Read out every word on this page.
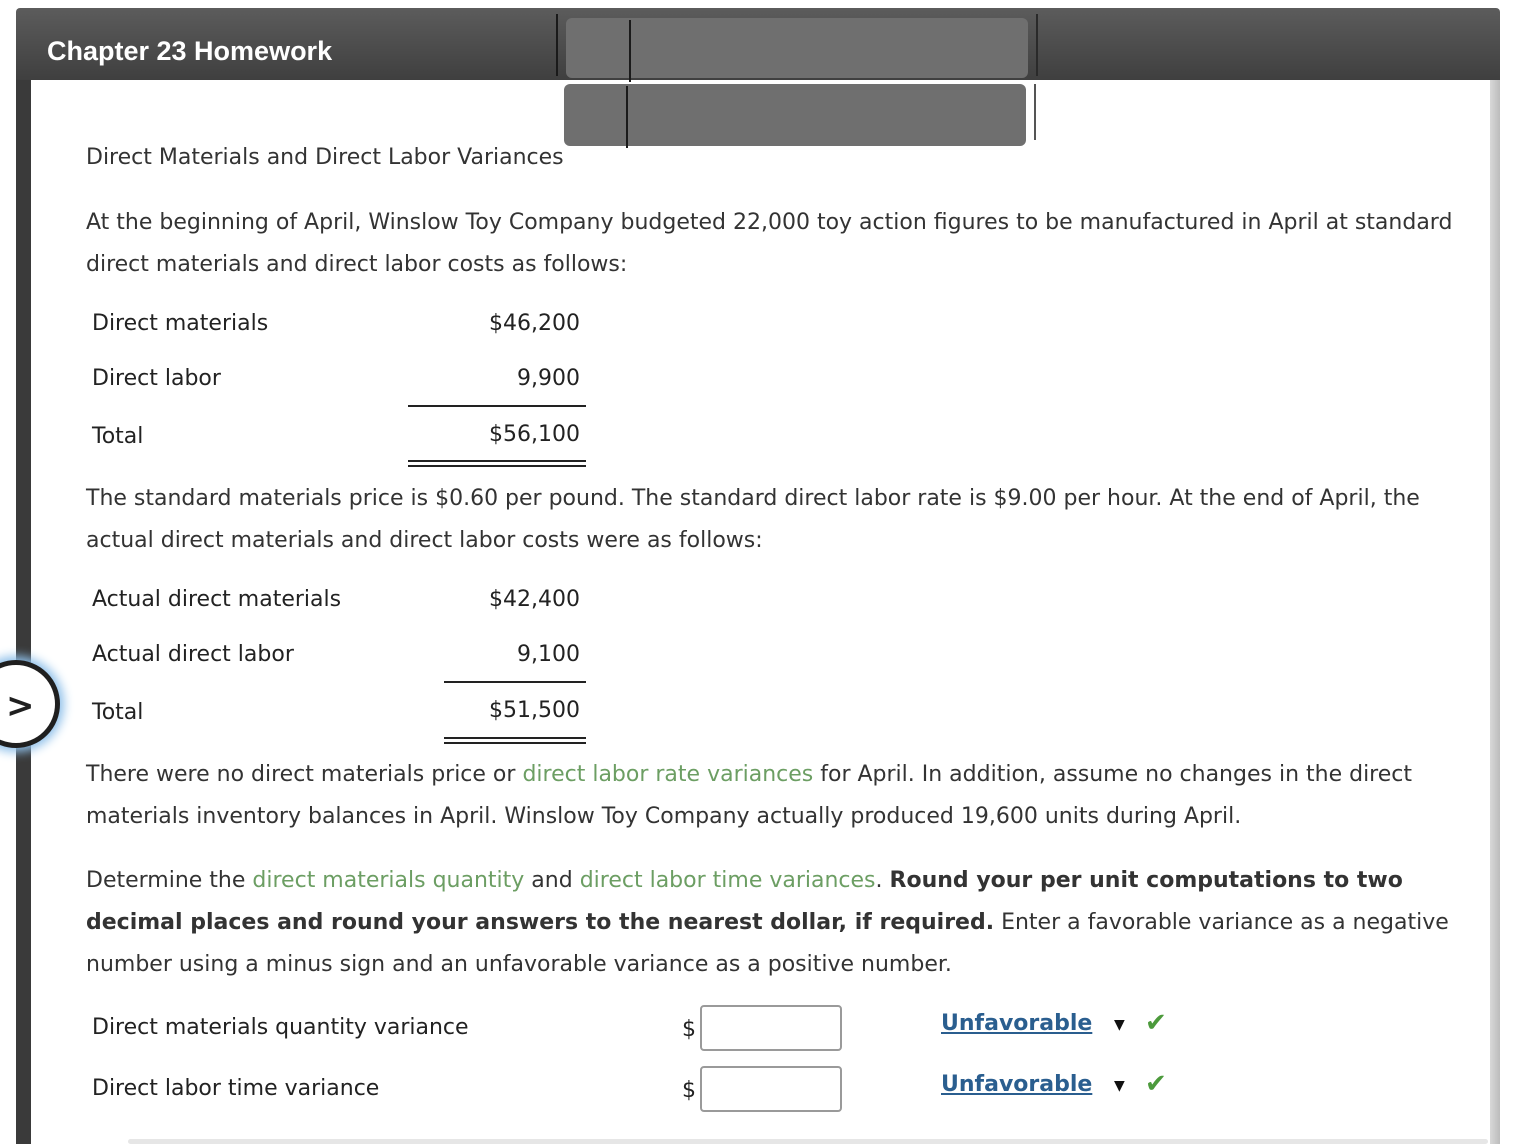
Chapter 23 Homework
Direct Materials and Direct Labor Variances
At the beginning of April, Winslow Toy Company budgeted 22,000 toy action figures to be manufactured in April at standard direct materials and direct labor costs as follows:
Direct materials	$46,200
Direct labor	9,900
Total	$56,100
The standard materials price is $0.60 per pound. The standard direct labor rate is $9.00 per hour. At the end of April, the actual direct materials and direct labor costs were as follows:
Actual direct materials	$42,400
Actual direct labor	9,100
Total	$51,500
>
There were no direct materials price or direct labor rate variances for April. In addition, assume no changes in the direct materials inventory balances in April. Winslow Toy Company actually produced 19,600 units during April.
Determine the direct materials quantity and direct labor time variances. Round your per unit computations to two decimal places and round your answers to the nearest dollar, if required. Enter a favorable variance as a negative number using a minus sign and an unfavorable variance as a positive number.
Direct materials quantity variance	$	Unfavorable ▼ ✔
Direct labor time variance	$	Unfavorable ▼ ✔
